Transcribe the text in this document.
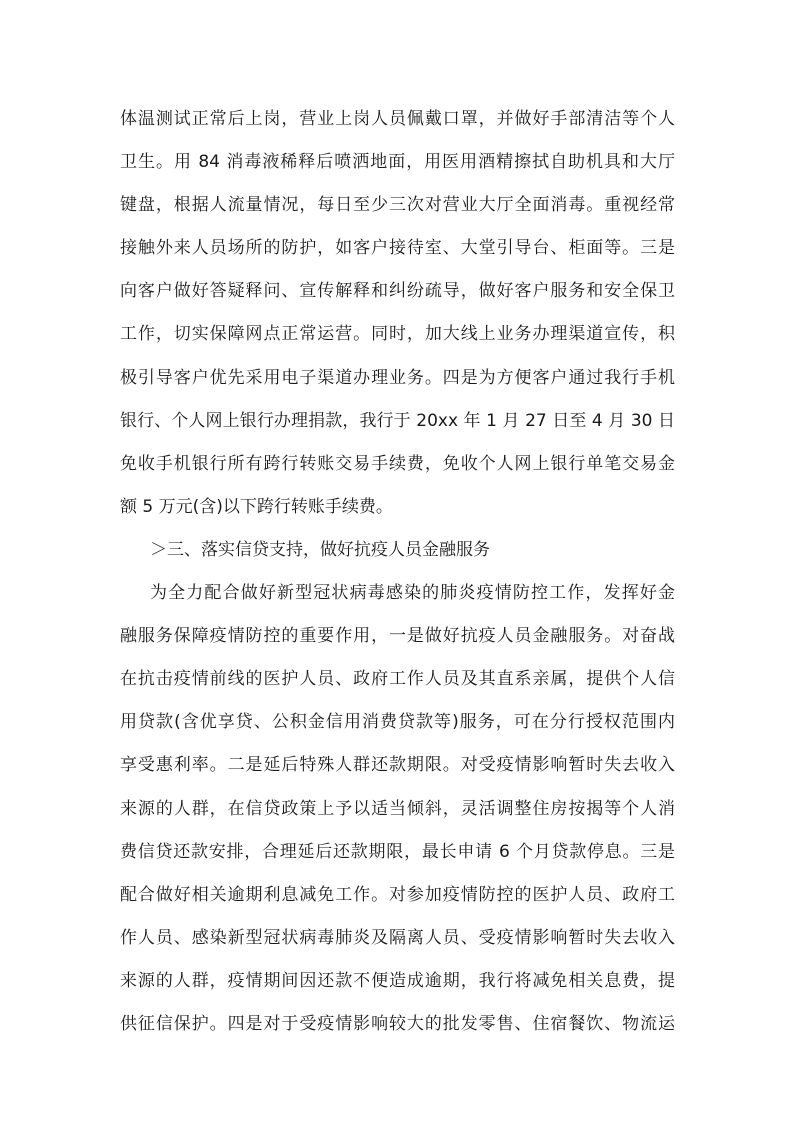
体温测试正常后上岗，营业上岗人员佩戴口罩，并做好手部清洁等个人
卫生。用 84 消毒液稀释后喷洒地面，用医用酒精擦拭自助机具和大厅
键盘，根据人流量情况，每日至少三次对营业大厅全面消毒。重视经常
接触外来人员场所的防护，如客户接待室、大堂引导台、柜面等。三是
向客户做好答疑释问、宣传解释和纠纷疏导，做好客户服务和安全保卫
工作，切实保障网点正常运营。同时，加大线上业务办理渠道宣传，积
极引导客户优先采用电子渠道办理业务。四是为方便客户通过我行手机
银行、个人网上银行办理捐款，我行于 20xx 年 1 月 27 日至 4 月 30 日
免收手机银行所有跨行转账交易手续费，免收个人网上银行单笔交易金
额 5 万元(含)以下跨行转账手续费。
＞三、落实信贷支持，做好抗疫人员金融服务
为全力配合做好新型冠状病毒感染的肺炎疫情防控工作，发挥好金
融服务保障疫情防控的重要作用，一是做好抗疫人员金融服务。对奋战
在抗击疫情前线的医护人员、政府工作人员及其直系亲属，提供个人信
用贷款(含优享贷、公积金信用消费贷款等)服务，可在分行授权范围内
享受惠利率。二是延后特殊人群还款期限。对受疫情影响暂时失去收入
来源的人群，在信贷政策上予以适当倾斜，灵活调整住房按揭等个人消
费信贷还款安排，合理延后还款期限，最长申请 6 个月贷款停息。三是
配合做好相关逾期利息减免工作。对参加疫情防控的医护人员、政府工
作人员、感染新型冠状病毒肺炎及隔离人员、受疫情影响暂时失去收入
来源的人群，疫情期间因还款不便造成逾期，我行将减免相关息费，提
供征信保护。四是对于受疫情影响较大的批发零售、住宿餐饮、物流运
